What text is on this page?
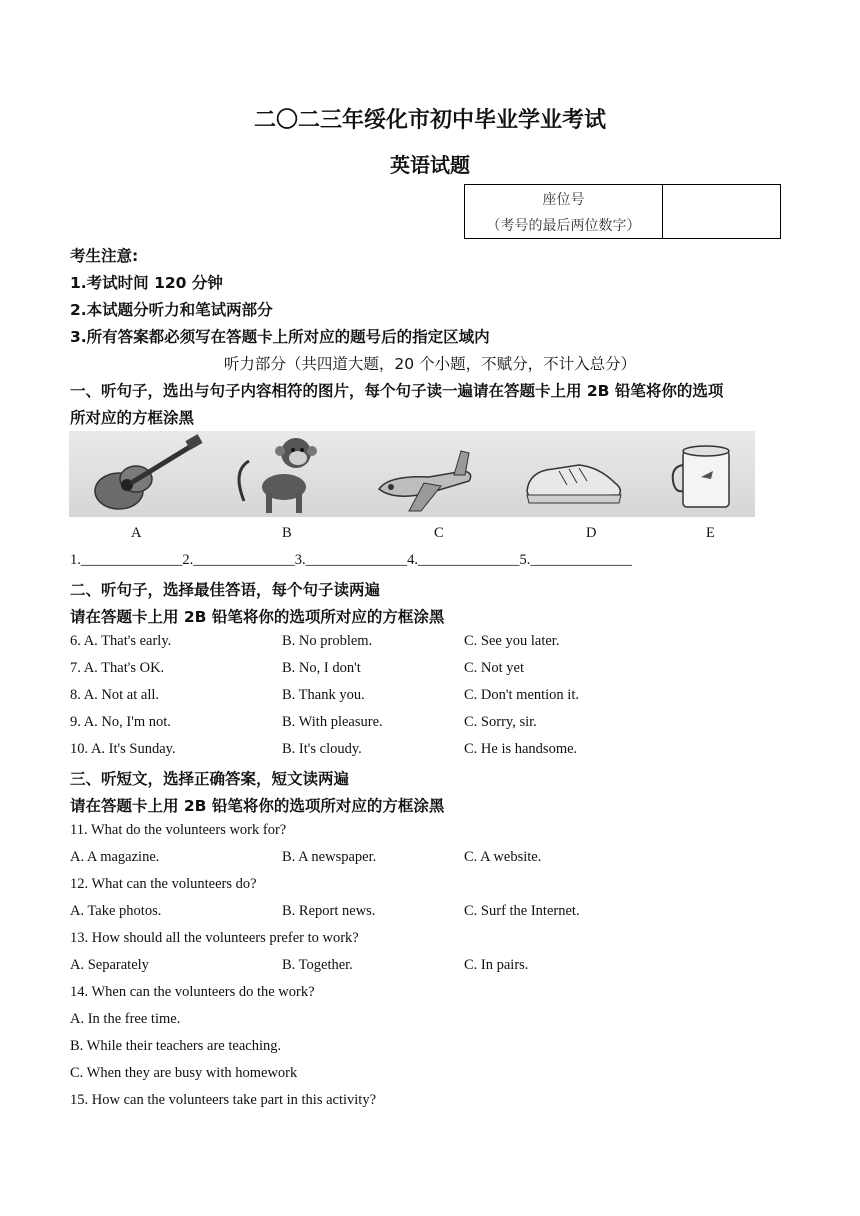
二〇二三年绥化市初中毕业学业考试
英语试题
座位号
（考号的最后两位数字）
考生注意:
1.考试时间 120 分钟
2.本试题分听力和笔试两部分
3.所有答案都必须写在答题卡上所对应的题号后的指定区域内
听力部分（共四道大题，20 个小题，不赋分，不计入总分）
一、听句子，选出与句子内容相符的图片，每个句子读一遍请在答题卡上用 2B 铅笔将你的选项
所对应的方框涂黑
A	B	C	D	E
1.______________2.______________3.______________4.______________5.______________
二、听句子，选择最佳答语，每个句子读两遍
请在答题卡上用 2B 铅笔将你的选项所对应的方框涂黑
6. A. That's early.	B. No problem.	C. See you later.
7. A. That's OK.	B. No, I don't	C. Not yet
8. A. Not at all.	B. Thank you.	C. Don't mention it.
9. A. No, I'm not.	B. With pleasure.	C. Sorry, sir.
10. A. It's Sunday.	B. It's cloudy.	C. He is handsome.
三、听短文，选择正确答案，短文读两遍
请在答题卡上用 2B 铅笔将你的选项所对应的方框涂黑
11. What do the volunteers work for?
A. A magazine.	B. A newspaper.	C. A website.
12. What can the volunteers do?
A. Take photos.	B. Report news.	C. Surf the Internet.
13. How should all the volunteers prefer to work?
A. Separately	B. Together.	C. In pairs.
14. When can the volunteers do the work?
A. In the free time.
B. While their teachers are teaching.
C. When they are busy with homework
15. How can the volunteers take part in this activity?
